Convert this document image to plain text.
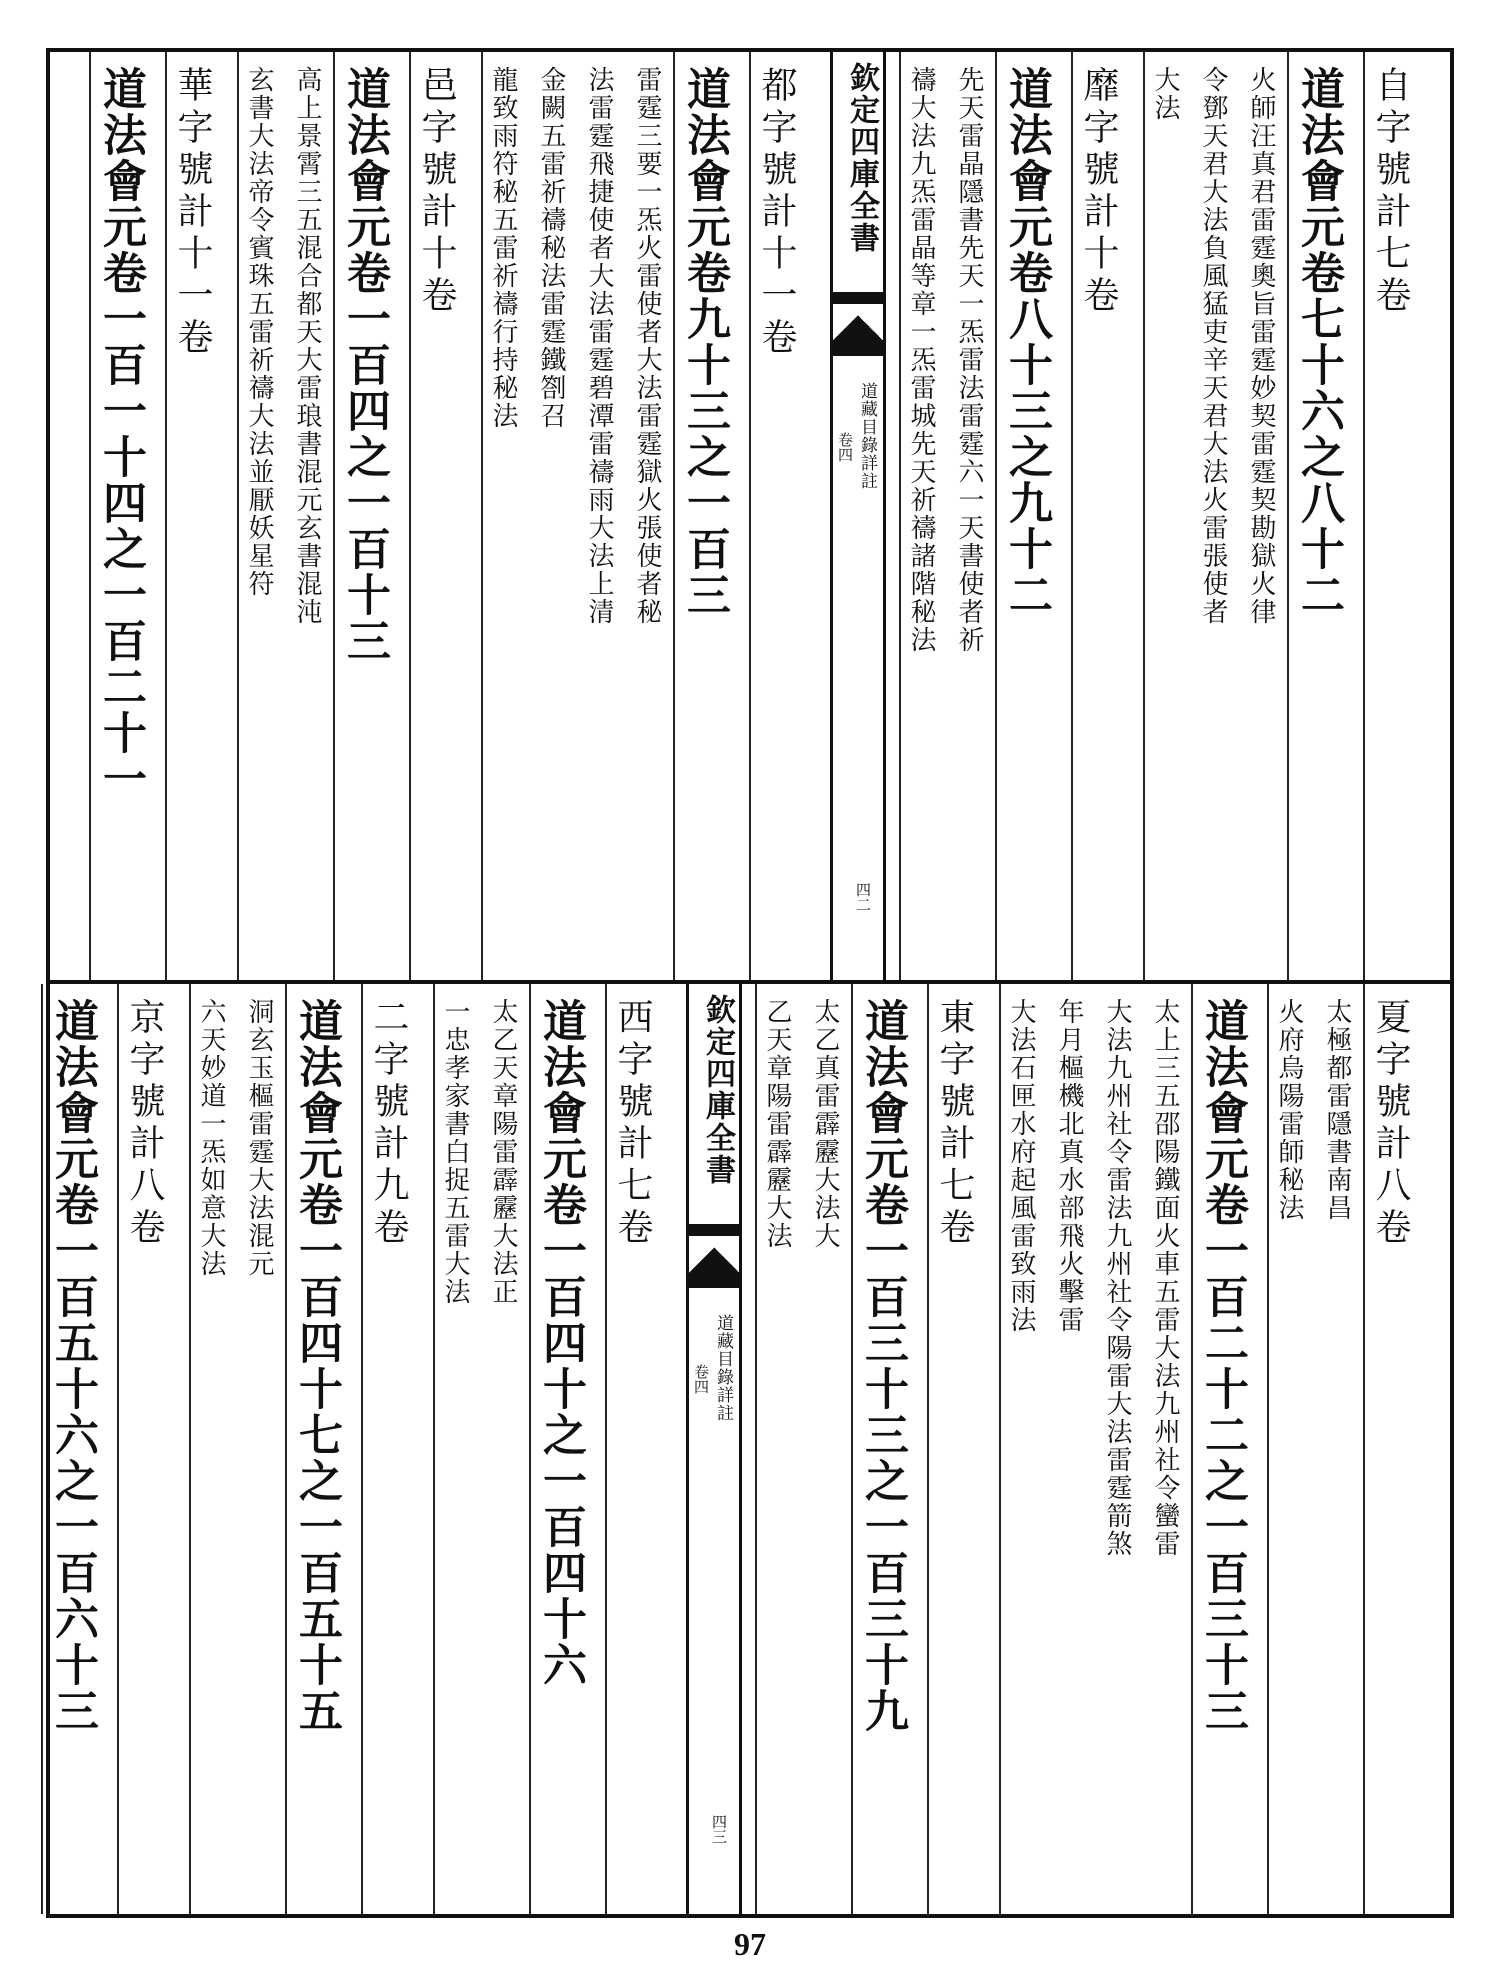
自字號計七卷
道法會元卷七十六之八十二
火師汪真君雷霆奧旨雷霆妙契雷霆契勘獄火律
令鄧天君大法負風猛吏辛天君大法火雷張使者
大法
靡字號計十卷
道法會元卷八十三之九十二
先天雷晶隱書先天一炁雷法雷霆六一天書使者祈
禱大法九炁雷晶等章一炁雷城先天祈禱諸階秘法
欽定四庫全書
道藏目錄詳註
卷四
四二
都字號計十一卷
道法會元卷九十三之一百三
雷霆三要一炁火雷使者大法雷霆獄火張使者秘
法雷霆飛捷使者大法雷霆碧潭雷禱雨大法上清
金闕五雷祈禱秘法雷霆鐵劄召
龍致雨符秘五雷祈禱行持秘法
邑字號計十卷
道法會元卷一百四之一百十三
高上景霄三五混合都天大雷琅書混元玄書混沌
玄書大法帝令賓珠五雷祈禱大法並厭妖星符
華字號計十一卷
道法會元卷一百一十四之一百二十一
夏字號計八卷
太極都雷隱書南昌
火府烏陽雷師秘法
道法會元卷一百二十二之一百三十三
太上三五邵陽鐵面火車五雷大法九州社令蠻雷
大法九州社令雷法九州社令陽雷大法雷霆箭煞
年月樞機北真水部飛火擊雷
大法石匣水府起風雷致雨法
東字號計七卷
道法會元卷一百三十三之一百三十九
太乙真雷霹靂大法大
乙天章陽雷霹靂大法
欽定四庫全書
道藏目錄詳註
卷四
四三
西字號計七卷
道法會元卷一百四十之一百四十六
太乙天章陽雷霹靂大法正
一忠孝家書白捉五雷大法
二字號計九卷
道法會元卷一百四十七之一百五十五
洞玄玉樞雷霆大法混元
六天妙道一炁如意大法
京字號計八卷
道法會元卷一百五十六之一百六十三
97
